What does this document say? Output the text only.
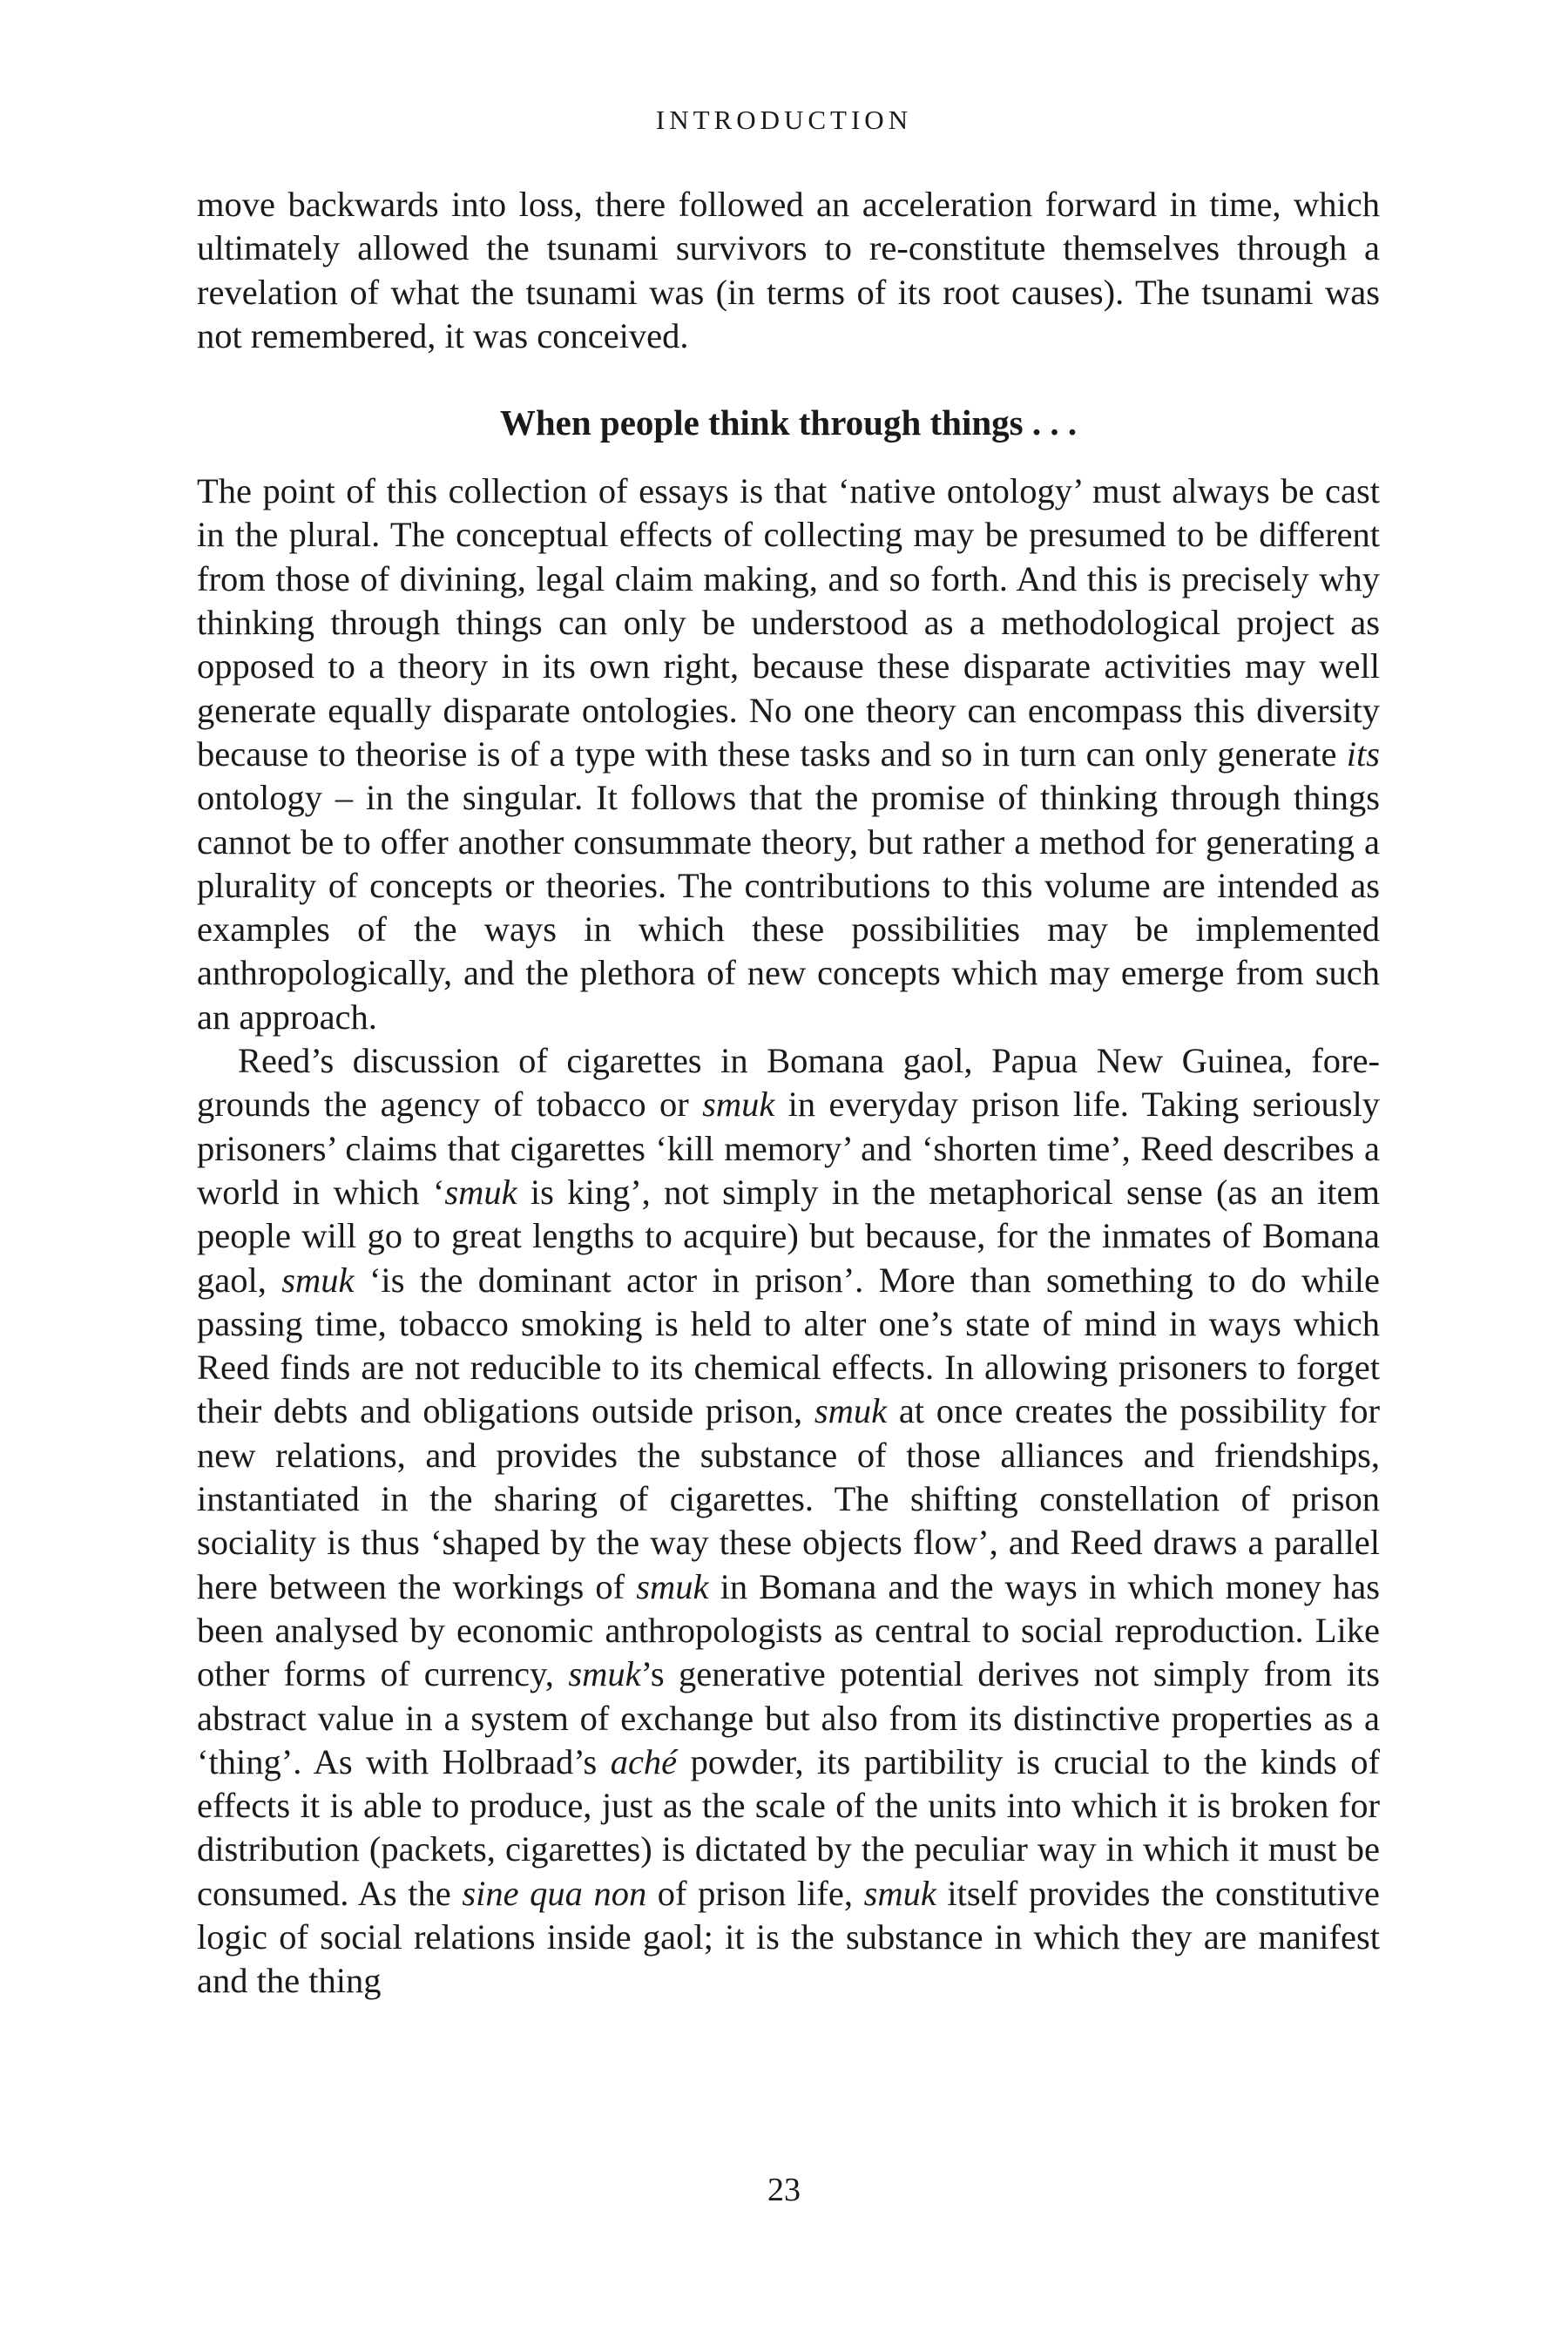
INTRODUCTION

move backwards into loss, there followed an acceleration forward in time, which ultimately allowed the tsunami survivors to re-constitute themselves through a revelation of what the tsunami was (in terms of its root causes). The tsunami was not remembered, it was conceived.

When people think through things . . .

The point of this collection of essays is that ‘native ontology’ must always be cast in the plural. The conceptual effects of collecting may be presumed to be different from those of divining, legal claim making, and so forth. And this is precisely why thinking through things can only be understood as a methodological project as opposed to a theory in its own right, because these disparate activities may well generate equally disparate ontologies. No one theory can encompass this diversity because to theorise is of a type with these tasks and so in turn can only generate its ontology – in the singular. It follows that the promise of thinking through things cannot be to offer another consummate theory, but rather a method for generating a plurality of concepts or theories. The contributions to this volume are intended as examples of the ways in which these possibilities may be implemented anthropologically, and the plethora of new concepts which may emerge from such an approach.

Reed’s discussion of cigarettes in Bomana gaol, Papua New Guinea, foregrounds the agency of tobacco or smuk in everyday prison life. Taking seriously prisoners’ claims that cigarettes ‘kill memory’ and ‘shorten time’, Reed describes a world in which ‘smuk is king’, not simply in the metaphorical sense (as an item people will go to great lengths to acquire) but because, for the inmates of Bomana gaol, smuk ‘is the dominant actor in prison’. More than something to do while passing time, tobacco smoking is held to alter one’s state of mind in ways which Reed finds are not reducible to its chemical effects. In allowing prisoners to forget their debts and obligations outside prison, smuk at once creates the possibility for new relations, and provides the substance of those alliances and friendships, instantiated in the sharing of cigarettes. The shifting constellation of prison sociality is thus ‘shaped by the way these objects flow’, and Reed draws a parallel here between the workings of smuk in Bomana and the ways in which money has been analysed by economic anthropologists as central to social reproduction. Like other forms of currency, smuk’s generative potential derives not simply from its abstract value in a system of exchange but also from its distinctive properties as a ‘thing’. As with Holbraad’s aché powder, its partibility is crucial to the kinds of effects it is able to produce, just as the scale of the units into which it is broken for distribution (packets, cigarettes) is dictated by the peculiar way in which it must be consumed. As the sine qua non of prison life, smuk itself provides the constitutive logic of social relations inside gaol; it is the substance in which they are manifest and the thing

23
